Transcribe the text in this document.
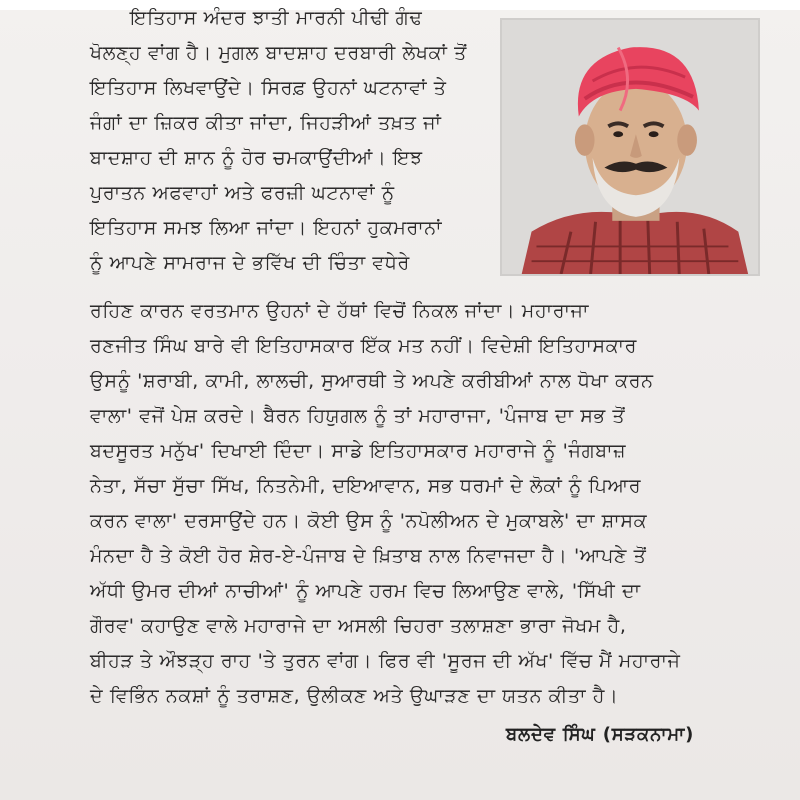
ਇਤਿਹਾਸ ਅੰਦਰ ਝਾਤੀ ਮਾਰਨੀ ਪੀਢੀ ਗੰਢ
ਖੋਲਣ੍ਹ ਵਾਂਗ ਹੈ। ਮੁਗਲ ਬਾਦਸ਼ਾਹ ਦਰਬਾਰੀ ਲੇਖਕਾਂ ਤੋਂ
ਇਤਿਹਾਸ ਲਿਖਵਾਉਂਦੇ। ਸਿਰਫ਼ ਉਹਨਾਂ ਘਟਨਾਵਾਂ ਤੇ
ਜੰਗਾਂ ਦਾ ਜ਼ਿਕਰ ਕੀਤਾ ਜਾਂਦਾ, ਜਿਹੜੀਆਂ ਤਖ਼ਤ ਜਾਂ
ਬਾਦਸ਼ਾਹ ਦੀ ਸ਼ਾਨ ਨੂੰ ਹੋਰ ਚਮਕਾਉਂਦੀਆਂ। ਇਝ
ਪੁਰਾਤਨ ਅਫਵਾਹਾਂ ਅਤੇ ਫਰਜ਼ੀ ਘਟਨਾਵਾਂ ਨੂੰ
ਇਤਿਹਾਸ ਸਮਝ ਲਿਆ ਜਾਂਦਾ। ਇਹਨਾਂ ਹੁਕਮਰਾਨਾਂ
ਨੂੰ ਆਪਣੇ ਸਾਮਰਾਜ ਦੇ ਭਵਿੱਖ ਦੀ ਚਿੰਤਾ ਵਧੇਰੇ
ਰਹਿਣ ਕਾਰਨ ਵਰਤਮਾਨ ਉਹਨਾਂ ਦੇ ਹੱਥਾਂ ਵਿਚੋਂ ਨਿਕਲ ਜਾਂਦਾ। ਮਹਾਰਾਜਾ
ਰਣਜੀਤ ਸਿੰਘ ਬਾਰੇ ਵੀ ਇਤਿਹਾਸਕਾਰ ਇੱਕ ਮਤ ਨਹੀਂ। ਵਿਦੇਸ਼ੀ ਇਤਿਹਾਸਕਾਰ
ਉਸਨੂੰ 'ਸ਼ਰਾਬੀ, ਕਾਮੀ, ਲਾਲਚੀ, ਸੁਆਰਥੀ ਤੇ ਅਪਣੇ ਕਰੀਬੀਆਂ ਨਾਲ ਧੋਖਾ ਕਰਨ
ਵਾਲਾ' ਵਜੋਂ ਪੇਸ਼ ਕਰਦੇ। ਬੈਰਨ ਹਿਯੁਗਲ ਨੂੰ ਤਾਂ ਮਹਾਰਾਜਾ, 'ਪੰਜਾਬ ਦਾ ਸਭ ਤੋਂ
ਬਦਸੂਰਤ ਮਨੁੱਖ' ਦਿਖਾਈ ਦਿੰਦਾ। ਸਾਡੇ ਇਤਿਹਾਸਕਾਰ ਮਹਾਰਾਜੇ ਨੂੰ 'ਜੰਗਬਾਜ਼
ਨੇਤਾ, ਸੱਚਾ ਸੁੱਚਾ ਸਿੱਖ, ਨਿਤਨੇਮੀ, ਦਇਆਵਾਨ, ਸਭ ਧਰਮਾਂ ਦੇ ਲੋਕਾਂ ਨੂੰ ਪਿਆਰ
ਕਰਨ ਵਾਲਾ' ਦਰਸਾਉਂਦੇ ਹਨ। ਕੋਈ ਉਸ ਨੂੰ 'ਨਪੋਲੀਅਨ ਦੇ ਮੁਕਾਬਲੇ' ਦਾ ਸ਼ਾਸਕ
ਮੰਨਦਾ ਹੈ ਤੇ ਕੋਈ ਹੋਰ ਸ਼ੇਰ-ਏ-ਪੰਜਾਬ ਦੇ ਖ਼ਿਤਾਬ ਨਾਲ ਨਿਵਾਜਦਾ ਹੈ। 'ਆਪਣੇ ਤੋਂ
ਅੱਧੀ ਉਮਰ ਦੀਆਂ ਨਾਚੀਆਂ' ਨੂੰ ਆਪਣੇ ਹਰਮ ਵਿਚ ਲਿਆਉਣ ਵਾਲੇ, 'ਸਿੱਖੀ ਦਾ
ਗੌਰਵ' ਕਹਾਉਣ ਵਾਲੇ ਮਹਾਰਾਜੇ ਦਾ ਅਸਲੀ ਚਿਹਰਾ ਤਲਾਸ਼ਣਾ ਭਾਰਾ ਜੋਖਮ ਹੈ,
ਬੀਹੜ ਤੇ ਔਝੜ੍ਹ ਰਾਹ 'ਤੇ ਤੁਰਨ ਵਾਂਗ। ਫਿਰ ਵੀ 'ਸੂਰਜ ਦੀ ਅੱਖ' ਵਿੱਚ ਮੈਂ ਮਹਾਰਾਜੇ
ਦੇ ਵਿਭਿੰਨ ਨਕਸ਼ਾਂ ਨੂੰ ਤਰਾਸ਼ਣ, ਉਲੀਕਣ ਅਤੇ ਉਘਾੜਣ ਦਾ ਯਤਨ ਕੀਤਾ ਹੈ।
ਬਲਦੇਵ ਸਿੰਘ (ਸੜਕਨਾਮਾ)
